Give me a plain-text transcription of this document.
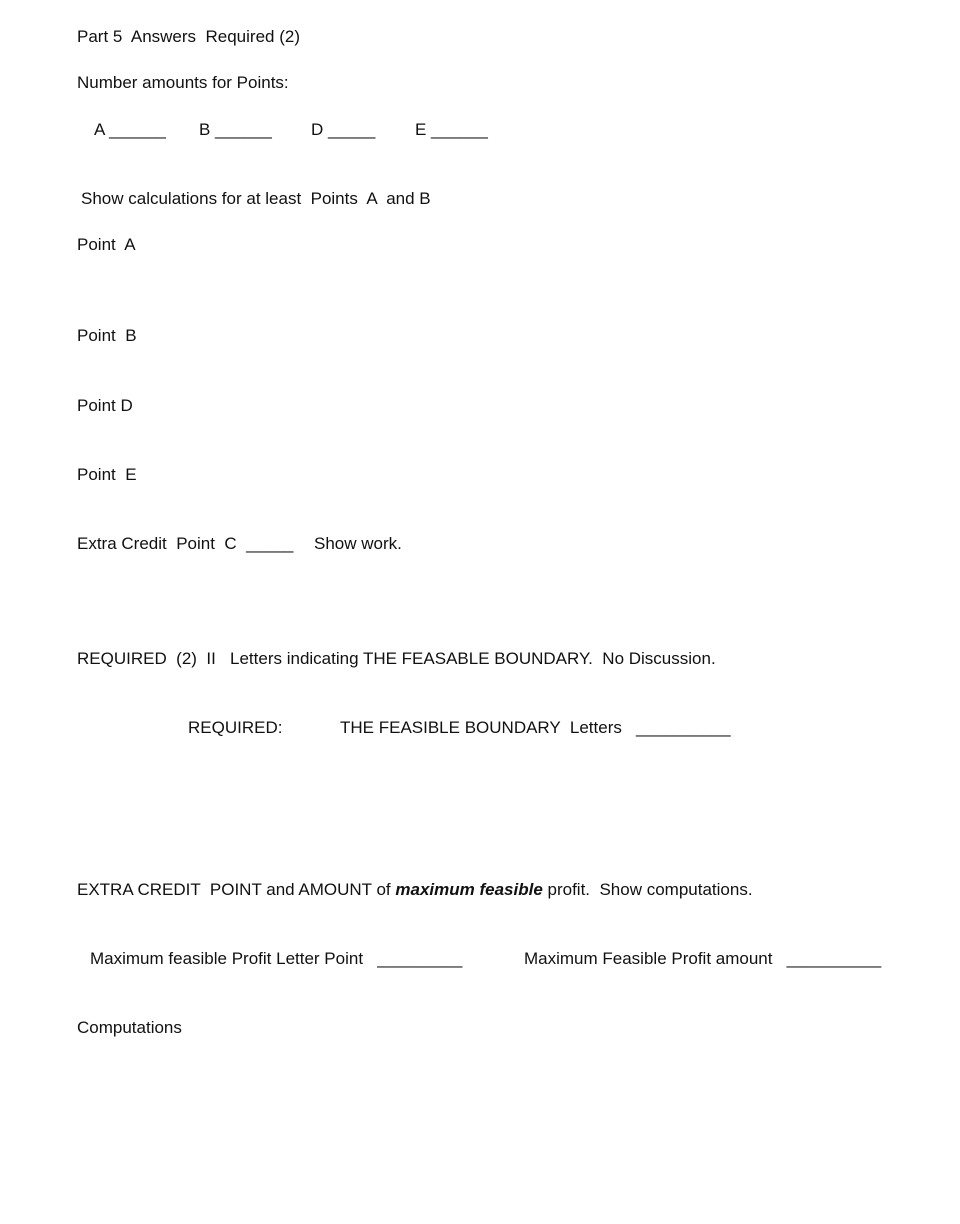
Part 5  Answers  Required (2)
Number amounts for Points:
A ______ B ______ D _____ E ______
Show calculations for at least  Points  A  and B
Point  A
Point  B
Point D
Point  E
Extra Credit  Point  C  _____ Show work.
REQUIRED  (2)  II   Letters indicating THE FEASABLE BOUNDARY.  No Discussion.
REQUIRED:	THE FEASIBLE BOUNDARY  Letters   __________
EXTRA CREDIT  POINT and AMOUNT of maximum feasible profit.  Show computations.
Maximum feasible Profit Letter Point   _________	Maximum Feasible Profit amount   __________
Computations
